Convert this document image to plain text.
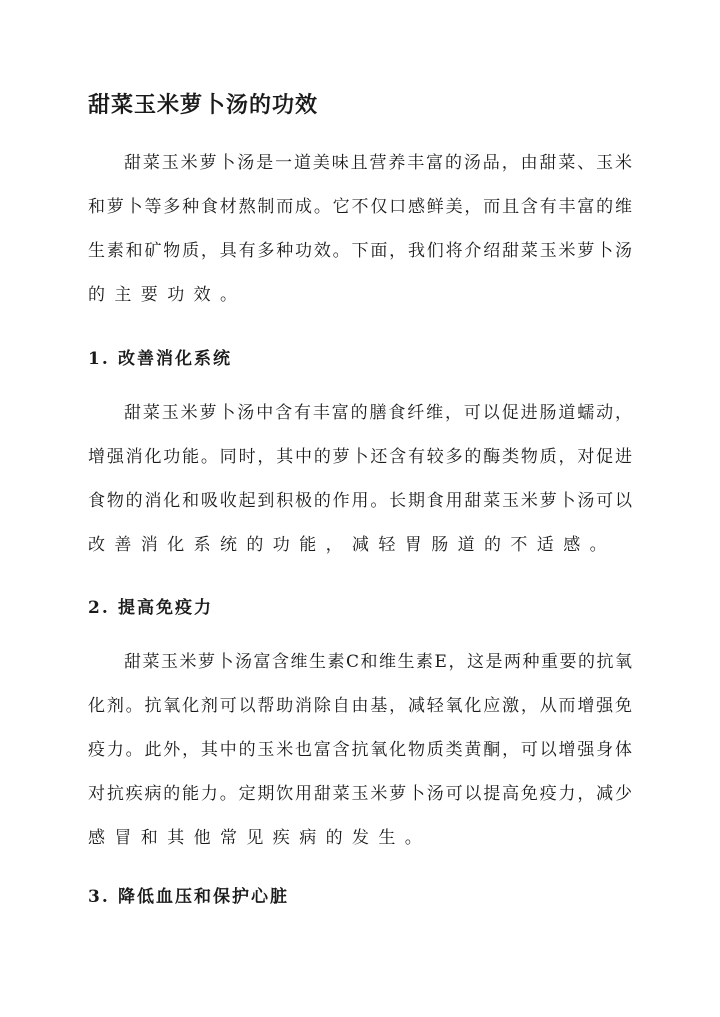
甜菜玉米萝卜汤的功效
甜菜玉米萝卜汤是一道美味且营养丰富的汤品，由甜菜、玉米
和萝卜等多种食材熬制而成。它不仅口感鲜美，而且含有丰富的维
生素和矿物质，具有多种功效。下面，我们将介绍甜菜玉米萝卜汤
的主要功效。
1. 改善消化系统
甜菜玉米萝卜汤中含有丰富的膳食纤维，可以促进肠道蠕动，
增强消化功能。同时，其中的萝卜还含有较多的酶类物质，对促进
食物的消化和吸收起到积极的作用。长期食用甜菜玉米萝卜汤可以
改善消化系统的功能，减轻胃肠道的不适感。
2. 提高免疫力
甜菜玉米萝卜汤富含维生素C和维生素E，这是两种重要的抗氧
化剂。抗氧化剂可以帮助消除自由基，减轻氧化应激，从而增强免
疫力。此外，其中的玉米也富含抗氧化物质类黄酮，可以增强身体
对抗疾病的能力。定期饮用甜菜玉米萝卜汤可以提高免疫力，减少
感冒和其他常见疾病的发生。
3. 降低血压和保护心脏
